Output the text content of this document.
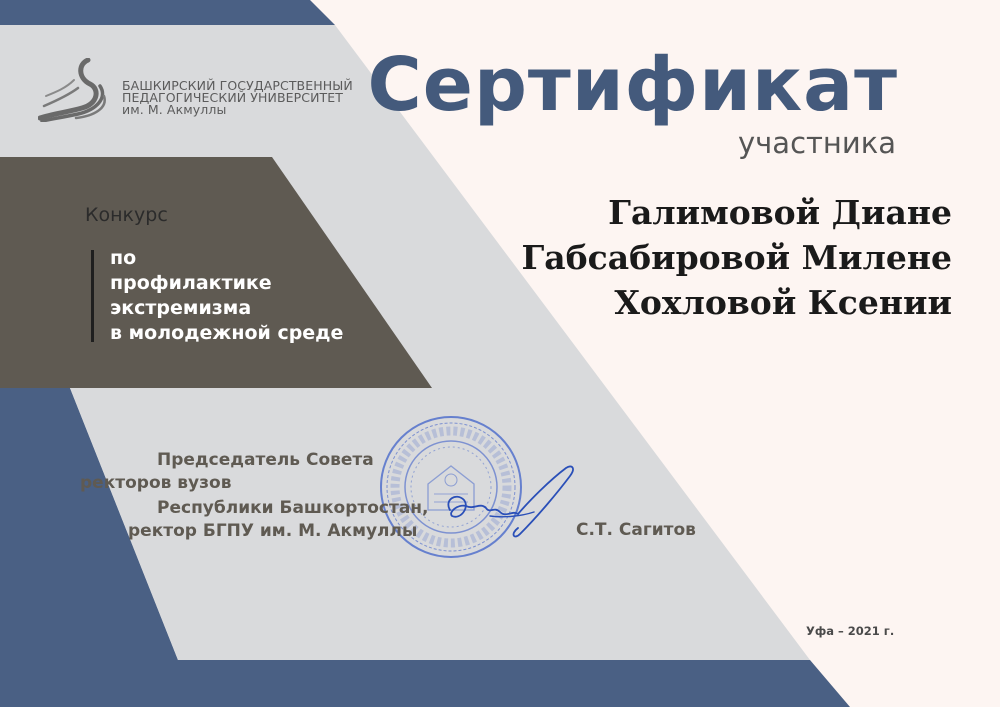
БАШКИРСКИЙ ГОСУДАРСТВЕННЫЙ
ПЕДАГОГИЧЕСКИЙ УНИВЕРСИТЕТ
им. М. Акмуллы	Сертификат
участника
Галимовой Диане
Габсабировой Милене
Хохловой Ксении
Конкурс
по
профилактике
экстремизма
в молодежной среде
Председатель Совета
ректоров вузов
Республики Башкортостан,
ректор БГПУ им. М. Акмуллы	С.Т. Сагитов
Уфа – 2021 г.
